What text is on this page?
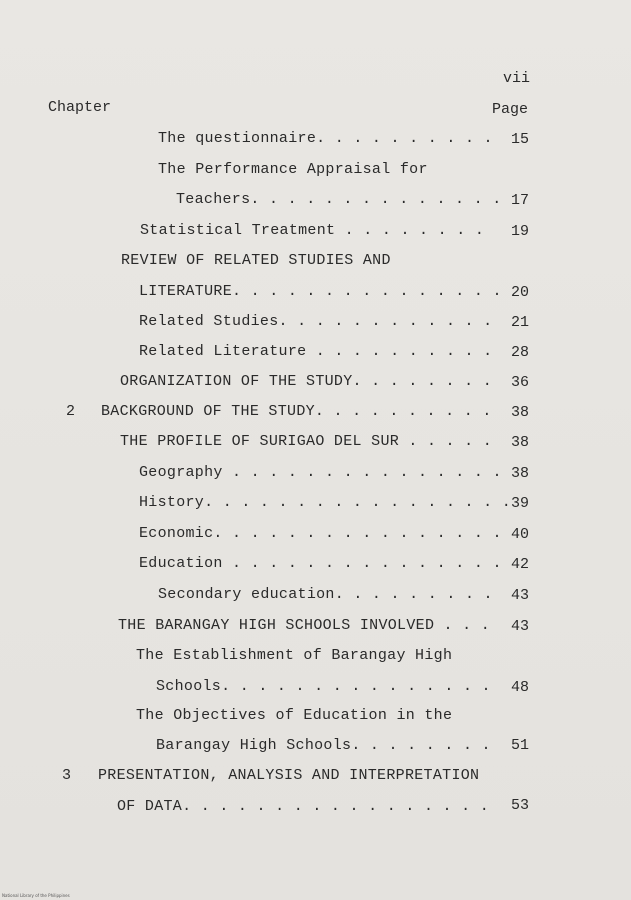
vii
Chapter	Page
The questionnaire. . . . . . . . . .	15
The Performance Appraisal for
Teachers. . . . . . . . . . . . . . 17
Statistical Treatment . . . . . . . .	19
REVIEW OF RELATED STUDIES AND
LITERATURE. . . . . . . . . . . . . . . 20
Related Studies. . . . . . . . . . . .	21
Related Literature . . . . . . . . . .	28
ORGANIZATION OF THE STUDY. . . . . . . .	36
2 BACKGROUND OF THE STUDY. . . . . . . . . .	38
THE PROFILE OF SURIGAO DEL SUR . . . . .	38
Geography . . . . . . . . . . . . . . . 38
History. . . . . . . . . . . . . . . . . 39
Economic. . . . . . . . . . . . . . . . 40
Education . . . . . . . . . . . . . . . 42
Secondary education. . . . . . . . .	43
THE BARANGAY HIGH SCHOOLS INVOLVED . . .	43
The Establishment of Barangay High
Schools. . . . . . . . . . . . . . .	48
The Objectives of Education in the
Barangay High Schools. . . . . . . .	51
3 PRESENTATION, ANALYSIS AND INTERPRETATION
OF DATA. . . . . . . . . . . . . . . . .	53
National Library of the Philippines
